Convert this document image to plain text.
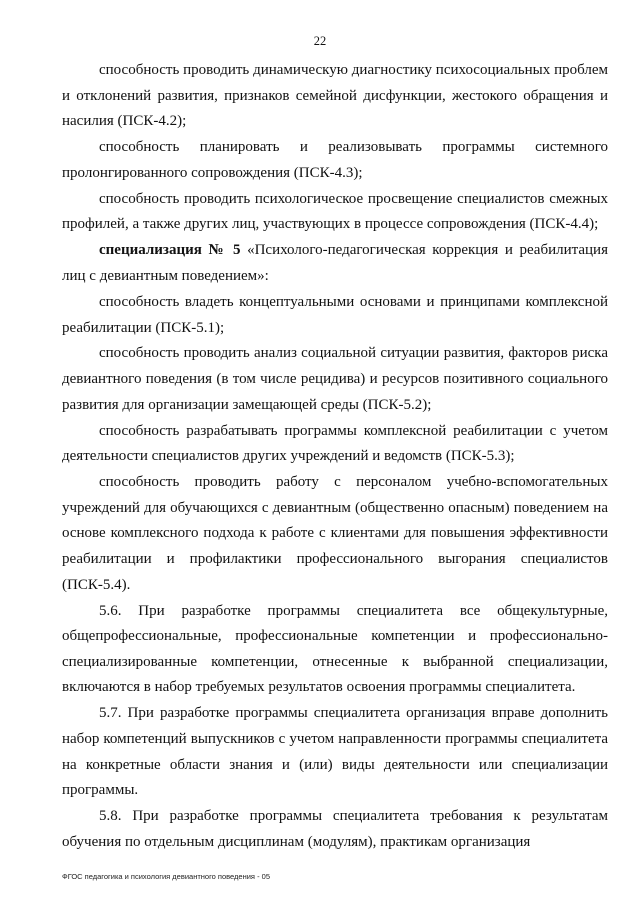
22

способность проводить динамическую диагностику психосоциальных проблем и отклонений развития, признаков семейной дисфункции, жестокого обращения и насилия (ПСК-4.2);

способность планировать и реализовывать программы системного пролонгированного сопровождения (ПСК-4.3);

способность проводить психологическое просвещение специалистов смежных профилей, а также других лиц, участвующих в процессе сопровождения (ПСК-4.4);

специализация № 5 «Психолого-педагогическая коррекция и реабилитация лиц с девиантным поведением»:

способность владеть концептуальными основами и принципами комплексной реабилитации (ПСК-5.1);

способность проводить анализ социальной ситуации развития, факторов риска девиантного поведения (в том числе рецидива) и ресурсов позитивного социального развития для организации замещающей среды (ПСК-5.2);

способность разрабатывать программы комплексной реабилитации с учетом деятельности специалистов других учреждений и ведомств (ПСК-5.3);

способность проводить работу с персоналом учебно-вспомогательных учреждений для обучающихся с девиантным (общественно опасным) поведением на основе комплексного подхода к работе с клиентами для повышения эффективности реабилитации и профилактики профессионального выгорания специалистов (ПСК-5.4).

5.6. При разработке программы специалитета все общекультурные, общепрофессиональные, профессиональные компетенции и профессионально-специализированные компетенции, отнесенные к выбранной специализации, включаются в набор требуемых результатов освоения программы специалитета.

5.7. При разработке программы специалитета организация вправе дополнить набор компетенций выпускников с учетом направленности программы специалитета на конкретные области знания и (или) виды деятельности или специализации программы.

5.8. При разработке программы специалитета требования к результатам обучения по отдельным дисциплинам (модулям), практикам организация

ФГОС педагогика и психология девиантного поведения - 05
